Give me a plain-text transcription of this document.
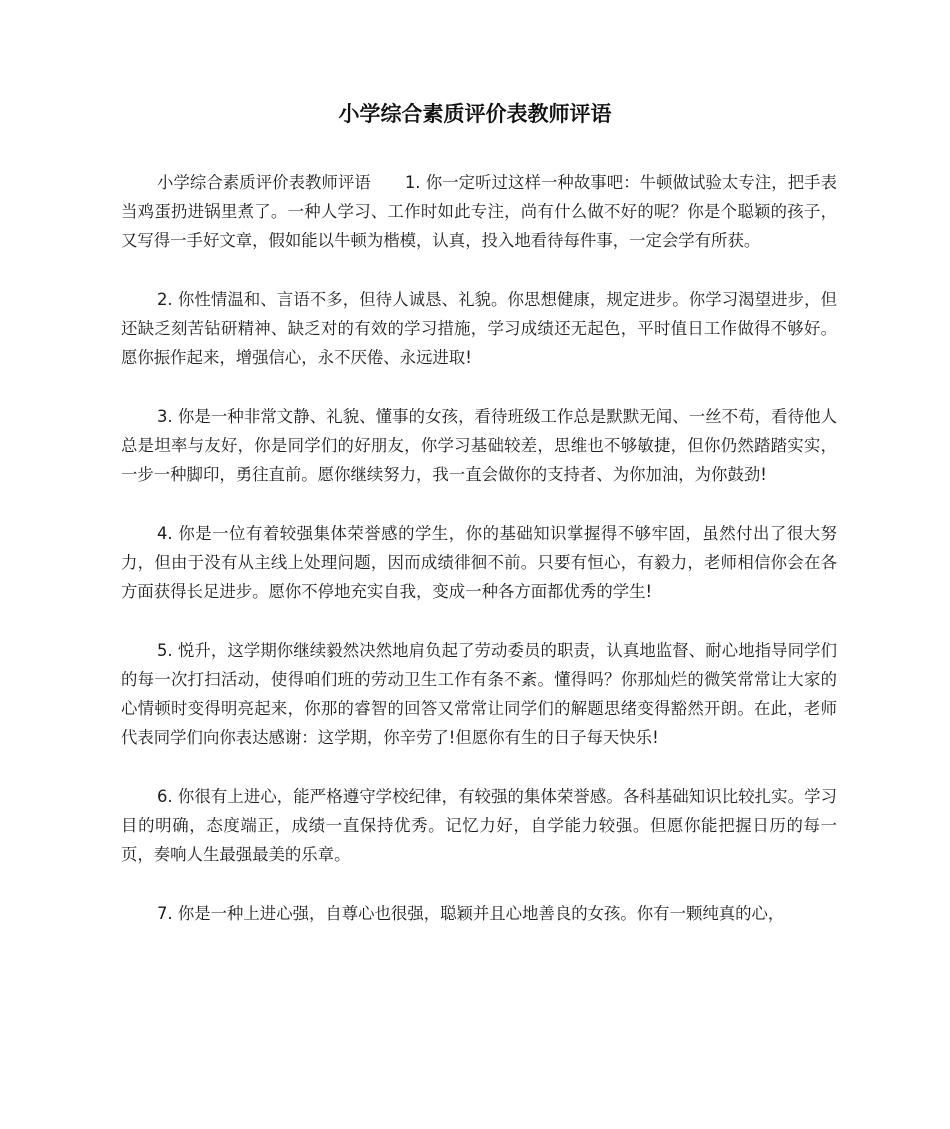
小学综合素质评价表教师评语

小学综合素质评价表教师评语 1. 你一定听过这样一种故事吧：牛顿做试验太专注，把手表当鸡蛋扔进锅里煮了。一种人学习、工作时如此专注，尚有什么做不好的呢？你是个聪颖的孩子，又写得一手好文章，假如能以牛顿为楷模，认真，投入地看待每件事，一定会学有所获。

2. 你性情温和、言语不多，但待人诚恳、礼貌。你思想健康，规定进步。你学习渴望进步，但还缺乏刻苦钻研精神、缺乏对的有效的学习措施，学习成绩还无起色，平时值日工作做得不够好。愿你振作起来，增强信心，永不厌倦、永远进取!

3. 你是一种非常文静、礼貌、懂事的女孩，看待班级工作总是默默无闻、一丝不苟，看待他人总是坦率与友好，你是同学们的好朋友，你学习基础较差，思维也不够敏捷，但你仍然踏踏实实，一步一种脚印，勇往直前。愿你继续努力，我一直会做你的支持者、为你加油，为你鼓劲!

4. 你是一位有着较强集体荣誉感的学生，你的基础知识掌握得不够牢固，虽然付出了很大努力，但由于没有从主线上处理问题，因而成绩徘徊不前。只要有恒心，有毅力，老师相信你会在各方面获得长足进步。愿你不停地充实自我，变成一种各方面都优秀的学生!

5. 悦升，这学期你继续毅然决然地肩负起了劳动委员的职责，认真地监督、耐心地指导同学们的每一次打扫活动，使得咱们班的劳动卫生工作有条不紊。懂得吗？你那灿烂的微笑常常让大家的心情顿时变得明亮起来，你那的睿智的回答又常常让同学们的解题思绪变得豁然开朗。在此，老师代表同学们向你表达感谢：这学期，你辛劳了!但愿你有生的日子每天快乐!

6. 你很有上进心，能严格遵守学校纪律，有较强的集体荣誉感。各科基础知识比较扎实。学习目的明确，态度端正，成绩一直保持优秀。记忆力好，自学能力较强。但愿你能把握日历的每一页，奏响人生最强最美的乐章。

7. 你是一种上进心强，自尊心也很强，聪颖并且心地善良的女孩。你有一颗纯真的心，
